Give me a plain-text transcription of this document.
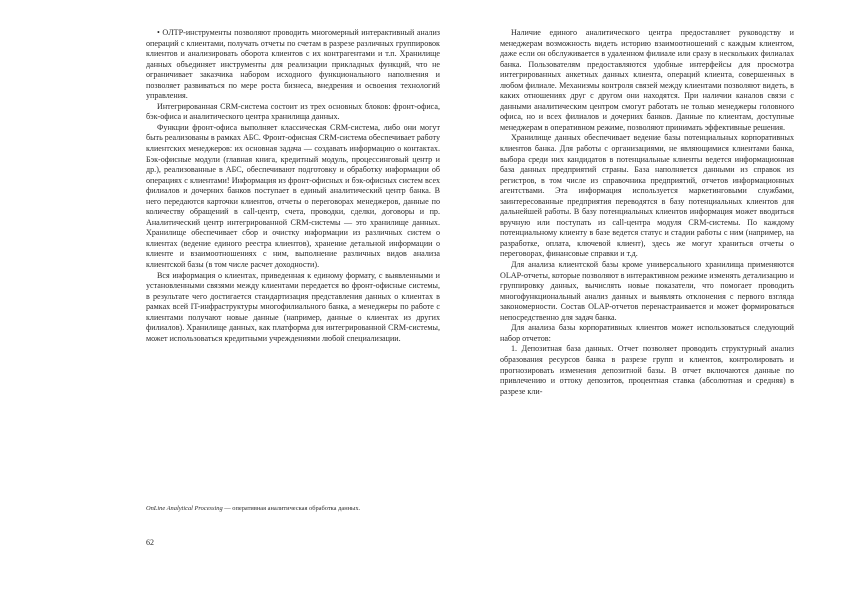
• OЛТР-инструменты позволяют проводить многомерный интерактивный анализ операций с клиентами, получать отчеты по счетам в разрезе различных группировок клиентов и анализировать оборота клиентов с их контрагентами и т.п. Хранилище данных объединяет инструменты для реализации прикладных функций, что не ограничивает заказчика набором исходного функционального наполнения и позволяет развиваться по мере роста бизнеса, внедрения и освоения технологий управления.

Интегрированная CRM-система состоит из трех основных блоков: фронт-офиса, бэк-офиса и аналитического центра хранилища данных.

Функции фронт-офиса выполняет классическая CRM-система, либо они могут быть реализованы в рамках АБС. Фронт-офисная CRM-система обеспечивает работу клиентских менеджеров: их основная задача — создавать информацию о контактах. Бэк-офисные модули (главная книга, кредитный модуль, процессинговый центр и др.), реализованные в АБС, обеспечивают подготовку и обработку информации об операциях с клиентами! Информация из фронт-офисных и бэк-офисных систем всех филиалов и дочерних банков поступает в единый аналитический центр банка. В него передаются карточки клиентов, отчеты о переговорах менеджеров, данные по количеству обращений в call-центр, счета, проводки, сделки, договоры и пр. Аналитический центр интегрированной CRM-системы — это хранилище данных. Хранилище обеспечивает сбор и очистку информации из различных систем о клиентах (ведение единого реестра клиентов), хранение детальной информации о клиенте и взаимоотношениях с ним, выполнение различных видов анализа клиентской базы (в том числе расчет доходности).

Вся информация о клиентах, приведенная к единому формату, с выявленными и установленными связями между клиентами передается во фронт-офисные системы, в результате чего достигается стандартизация представления данных о клиентах в рамках всей IT-инфраструктуры многофилиального банка, а менеджеры по работе с клиентами получают новые данные (например, данные о клиентах из других филиалов). Хранилище данных, как платформа для интегрированной CRM-системы, может использоваться кредитными учреждениями любой специализации.

OnLine Analytical Processing — оперативная аналитическая обработка данных.

62

Наличие единого аналитического центра предоставляет руководству и менеджерам возможность видеть историю взаимоотношений с каждым клиентом, даже если он обслуживается в удаленном филиале или сразу в нескольких филиалах банка. Пользователям предоставляются удобные интерфейсы для просмотра интегрированных анкетных данных клиента, операций клиента, совершенных в любом филиале. Механизмы контроля связей между клиентами позволяют видеть, в каких отношениях друг с другом они находятся. При наличии каналов связи с данными аналитическим центром смогут работать не только менеджеры головного офиса, но и всех филиалов и дочерних банков. Данные по клиентам, доступные менеджерам в оперативном режиме, позволяют принимать эффективные решения.

Хранилище данных обеспечивает ведение базы потенциальных корпоративных клиентов банка. Для работы с организациями, не являющимися клиентами банка, выбора среди них кандидатов в потенциальные клиенты ведется информационная база данных предприятий страны. База наполняется данными из справок из регистров, в том числе из справочника предприятий, отчетов информационных агентствами. Эта информация используется маркетинговыми службами, заинтересованные предприятия переводятся в базу потенциальных клиентов для дальнейшей работы. В базу потенциальных клиентов информация может вводиться вручную или поступать из call-центра модуля CRM-системы. По каждому потенциальному клиенту в базе ведется статус и стадии работы с ним (например, на разработке, оплата, ключевой клиент), здесь же могут храниться отчеты о переговорах, финансовые справки и т.д.

Для анализа клиентской базы кроме универсального хранилища применяются OLAP-отчеты, которые позволяют в интерактивном режиме изменять детализацию и группировку данных, вычислять новые показатели, что помогает проводить многофункциональный анализ данных и выявлять отклонения с первого взгляда закономерности. Состав OLAP-отчетов перенастраивается и может формироваться непосредственно для задач банка.

Для анализа базы корпоративных клиентов может использоваться следующий набор отчетов:

1. Депозитная база данных. Отчет позволяет проводить структурный анализ образования ресурсов банка в разрезе групп и клиентов, контролировать и прогнозировать изменения депозитной базы. В отчет включаются данные по привлечению и оттоку депозитов, процентная ставка (абсолютная и средняя) в разрезе кли-
